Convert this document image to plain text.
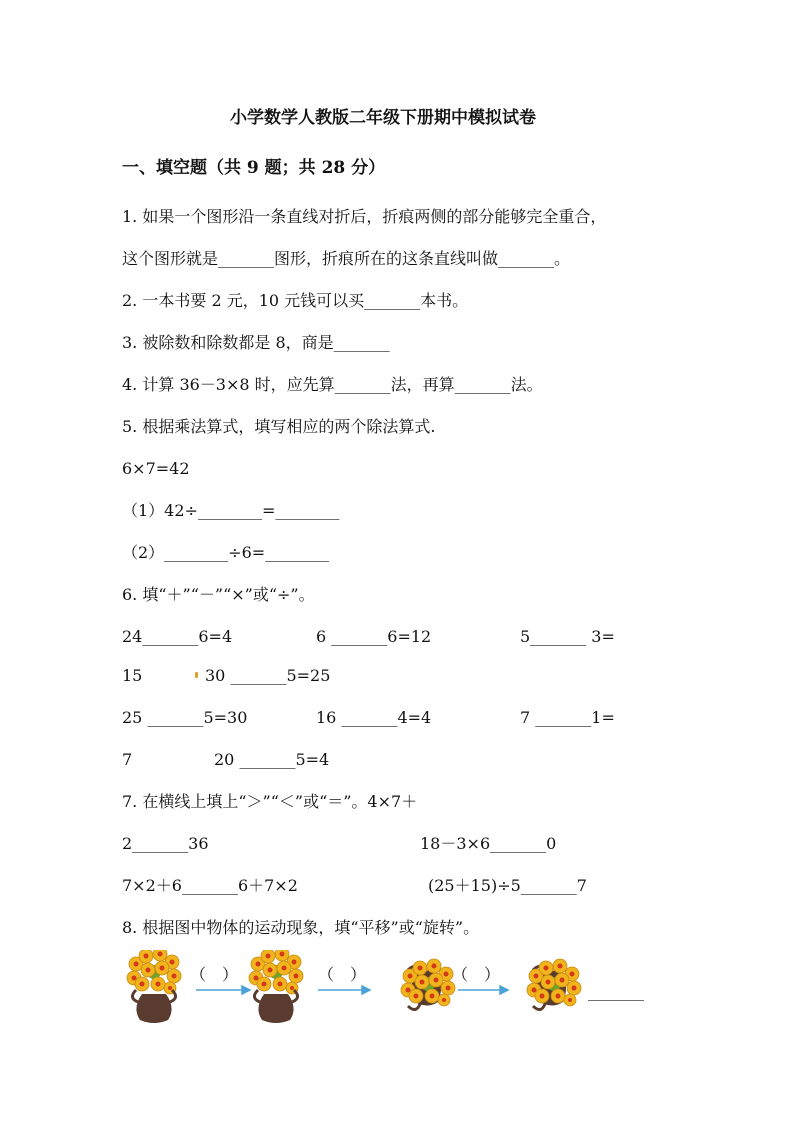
小学数学人教版二年级下册期中模拟试卷
一、填空题（共 9 题；共 28 分）
1. 如果一个图形沿一条直线对折后，折痕两侧的部分能够完全重合，
这个图形就是_______图形，折痕所在的这条直线叫做_______。
2. 一本书要 2 元，10 元钱可以买_______本书。
3. 被除数和除数都是 8，商是_______
4. 计算 36－3×8 时，应先算_______法，再算_______法。
5. 根据乘法算式，填写相应的两个除法算式.
6×7=42
（1）42÷________=________
（2）________÷6=________
6. 填“＋”“－”“×”或“÷”。
24_______6=4	6 _______6=12	5_______ 3=
15	30 _______5=25
25 _______5=30	16 _______4=4	7 _______1=
7	20 _______5=4
7. 在横线上填上“＞”“＜”或“＝”。4×7＋
2_______36	18－3×6_______0
7×2＋6_______6＋7×2	(25＋15)÷5_______7
8. 根据图中物体的运动现象，填“平移”或“旋转”。
（　）	（　）	（　）
_______
